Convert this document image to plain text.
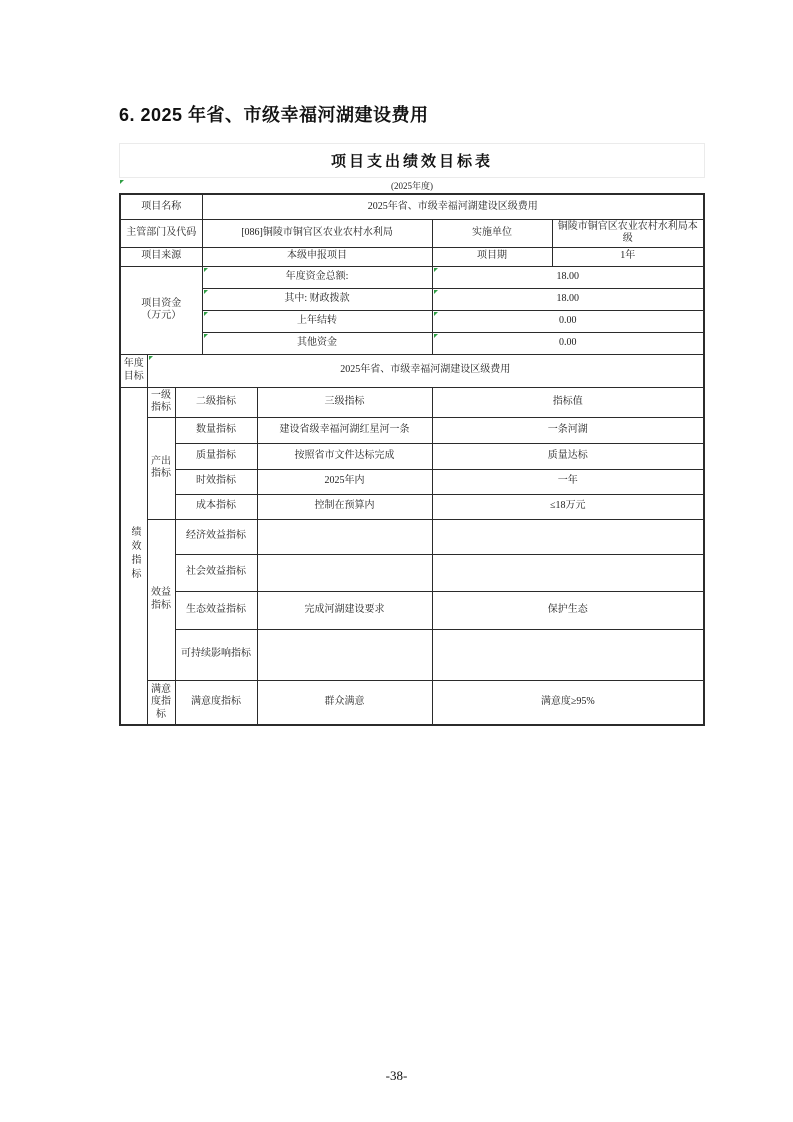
6. 2025 年省、市级幸福河湖建设费用
项目支出绩效目标表
(2025年度)
项目名称			2025年省、市级幸福河湖建设区级费用			
主管部门及代码			[086]铜陵市铜官区农业农村水利局		实施单位	铜陵市铜官区农业农村水利局本级
项目来源			本级申报项目		项目期	1年

项目资金
（万元）			年度资金总额:		18.00	
			其中: 财政拨款		18.00	
			上年结转		0.00	
			其他资金		0.00	
年度目标	2025年省、市级幸福河湖建设区级费用					
绩效指标	一级指标	二级指标		三级指标	指标值	
	产出指标	数量指标		建设省级幸福河湖红星河一条	一条河湖	
		质量指标		按照省市文件达标完成	质量达标	
		时效指标		2025年内	一年	
		成本指标		控制在预算内	≤18万元	
	效益指标	经济效益指标				
		社会效益指标				
		生态效益指标		完成河湖建设要求	保护生态	
		可持续影响指标				
	满意度指标	满意度指标		群众满意	满意度≥95%	
-38-
